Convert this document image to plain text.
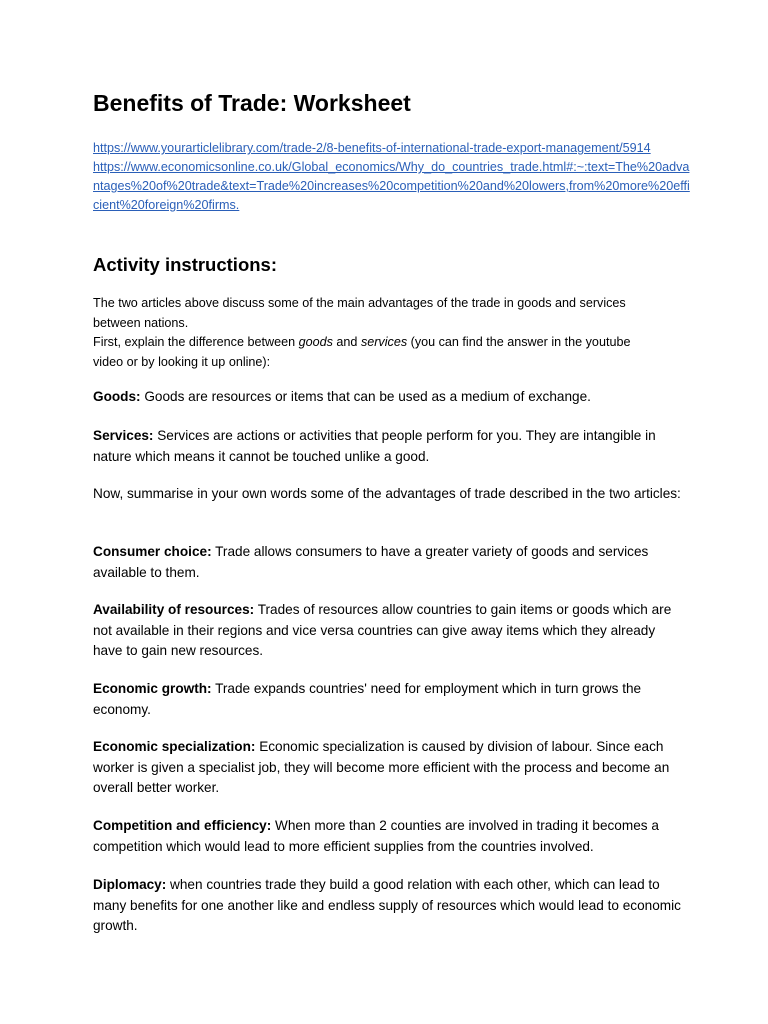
Benefits of Trade: Worksheet
https://www.yourarticlelibrary.com/trade-2/8-benefits-of-international-trade-export-management/5914
https://www.economicsonline.co.uk/Global_economics/Why_do_countries_trade.html#:~:text=The%20advantages%20of%20trade&text=Trade%20increases%20competition%20and%20lowers,from%20more%20efficient%20foreign%20firms.
Activity instructions:

The two articles above discuss some of the main advantages of the trade in goods and services between nations.

First, explain the difference between goods and services (you can find the answer in the youtube video or by looking it up online):

Goods: Goods are resources or items that can be used as a medium of exchange.

Services: Services are actions or activities that people perform for you. They are intangible in nature which means it cannot be touched unlike a good.

Now, summarise in your own words some of the advantages of trade described in the two articles:

Consumer choice: Trade allows consumers to have a greater variety of goods and services available to them.

Availability of resources: Trades of resources allow countries to gain items or goods which are not available in their regions and vice versa countries can give away items which they already have to gain new resources.

Economic growth: Trade expands countries' need for employment which in turn grows the economy.

Economic specialization: Economic specialization is caused by division of labour. Since each worker is given a specialist job, they will become more efficient with the process and become an overall better worker.

Competition and efficiency: When more than 2 counties are involved in trading it becomes a competition which would lead to more efficient supplies from the countries involved.

Diplomacy: when countries trade they build a good relation with each other, which can lead to many benefits for one another like and endless supply of resources which would lead to economic growth.
